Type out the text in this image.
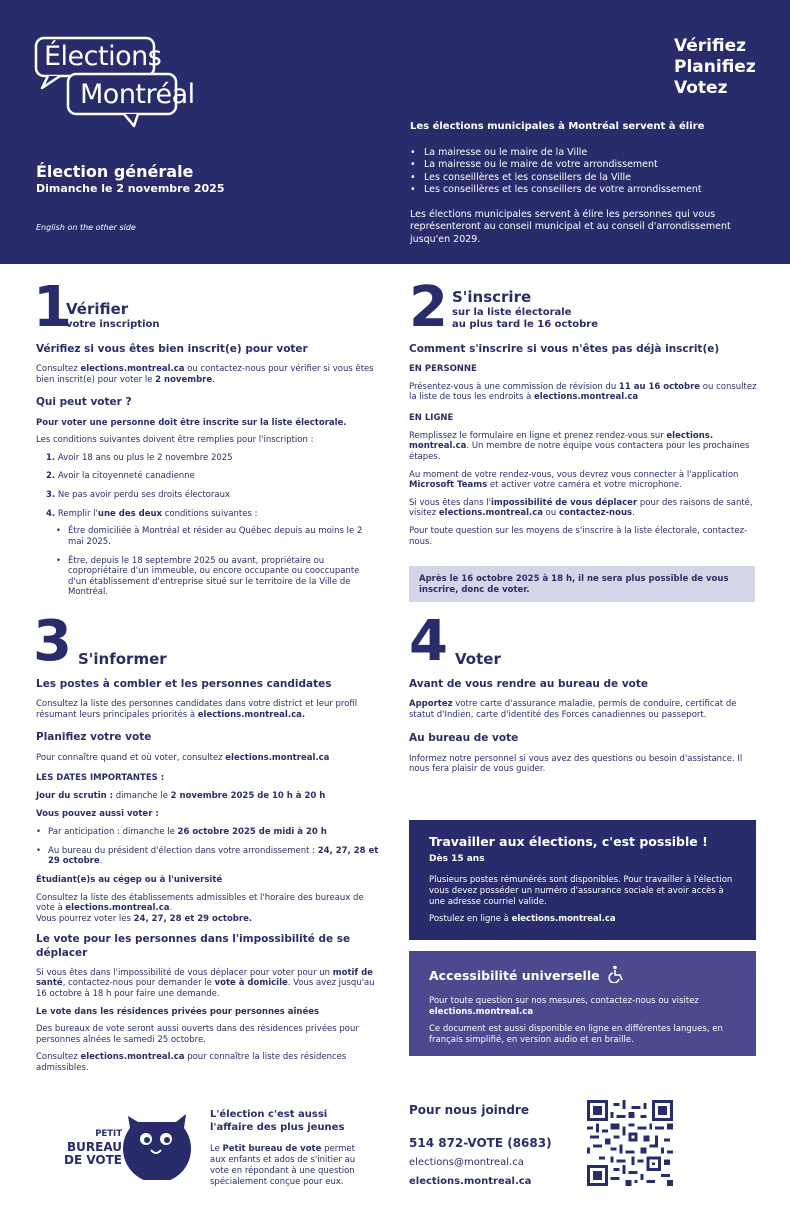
Élections
Montréal
Vérifiez
Planifiez
Votez
Élection générale
Dimanche le 2 novembre 2025
English on the other side
Les élections municipales à Montréal servent à élire
• La mairesse ou le maire de la Ville
• La mairesse ou le maire de votre arrondissement
• Les conseillères et les conseillers de la Ville
• Les conseillères et les conseillers de votre arrondissement

Les élections municipales servent à élire les personnes qui vous représenteront au conseil municipal et au conseil d'arrondissement jusqu'en 2029.

1
Vérifier
votre inscription
Vérifiez si vous êtes bien inscrit(e) pour voter

Consultez elections.montreal.ca ou contactez-nous pour vérifier si vous êtes bien inscrit(e) pour voter le 2 novembre.

Qui peut voter ?
Pour voter une personne doit être inscrite sur la liste électorale.

Les conditions suivantes doivent être remplies pour l'inscription :

1. Avoir 18 ans ou plus le 2 novembre 2025
2. Avoir la citoyenneté canadienne
3. Ne pas avoir perdu ses droits électoraux
4. Remplir l'une des deux conditions suivantes :
• Être domiciliée à Montréal et résider au Québec depuis au moins le 2 mai 2025.
• Être, depuis le 18 septembre 2025 ou avant, propriétaire ou copropriétaire d'un immeuble, ou encore occupante ou cooccupante d'un établissement d'entreprise situé sur le territoire de la Ville de Montréal.
2 S'inscrire
sur la liste électorale
au plus tard le 16 octobre
Comment s'inscrire si vous n'êtes pas déjà inscrit(e)
EN PERSONNE

Présentez-vous à une commission de révision du 11 au 16 octobre ou consultez la liste de tous les endroits à elections.montreal.ca

EN LIGNE

Remplissez le formulaire en ligne et prenez rendez-vous sur elections. montreal.ca. Un membre de notre équipe vous contactera pour les prochaines étapes.

Au moment de votre rendez-vous, vous devrez vous connecter à l'application Microsoft Teams et activer votre caméra et votre microphone.

Si vous êtes dans l'impossibilité de vous déplacer pour des raisons de santé, visitez elections.montreal.ca ou contactez-nous.

Pour toute question sur les moyens de s'inscrire à la liste électorale, contactez-nous.

Après le 16 octobre 2025 à 18 h, il ne sera plus possible de vous inscrire, donc de voter.
3 S'informer
Les postes à combler et les personnes candidates

Consultez la liste des personnes candidates dans votre district et leur profil résumant leurs principales priorités à elections.montreal.ca.

Planifiez votre vote

Pour connaître quand et où voter, consultez elections.montreal.ca

LES DATES IMPORTANTES :

Jour du scrutin : dimanche le 2 novembre 2025 de 10 h à 20 h

Vous pouvez aussi voter :
• Par anticipation : dimanche le 26 octobre 2025 de midi à 20 h
• Au bureau du président d'élection dans votre arrondissement : 24, 27, 28 et 29 octobre.
Étudiant(e)s au cégep ou à l'université

Consultez la liste des établissements admissibles et l'horaire des bureaux de vote à elections.montreal.ca.
Vous pourrez voter les 24, 27, 28 et 29 octobre.

Le vote pour les personnes dans l'impossibilité de se déplacer

Si vous êtes dans l'impossibilité de vous déplacer pour voter pour un motif de santé, contactez-nous pour demander le vote à domicile. Vous avez jusqu'au 16 octobre à 18 h pour faire une demande.

Le vote dans les résidences privées pour personnes aînées

Des bureaux de vote seront aussi ouverts dans des résidences privées pour personnes aînées le samedi 25 octobre.

Consultez elections.montreal.ca pour connaître la liste des résidences admissibles.

4 Voter
Avant de vous rendre au bureau de vote

Apportez votre carte d'assurance maladie, permis de conduire, certificat de statut d'Indien, carte d'identité des Forces canadiennes ou passeport.

Au bureau de vote

Informez notre personnel si vous avez des questions ou besoin d'assistance. Il nous fera plaisir de vous guider.

Travailler aux élections, c'est possible !
Dès 15 ans

Plusieurs postes rémunérés sont disponibles. Pour travailler à l'élection vous devez posséder un numéro d'assurance sociale et avoir accès à une adresse courriel valide.

Postulez en ligne à elections.montreal.ca

Accessibilité universelle

Pour toute question sur nos mesures, contactez-nous ou visitez elections.montreal.ca

Ce document est aussi disponible en ligne en différentes langues, en français simplifié, en version audio et en braille.

PETIT
BUREAU
DE VOTE
L'élection c'est aussi
l'affaire des plus jeunes

Le Petit bureau de vote permet aux enfants et ados de s'initier au vote en répondant à une question spécialement conçue pour eux.

Pour nous joindre
514 872-VOTE (8683)
elections@montreal.ca
elections.montreal.ca
